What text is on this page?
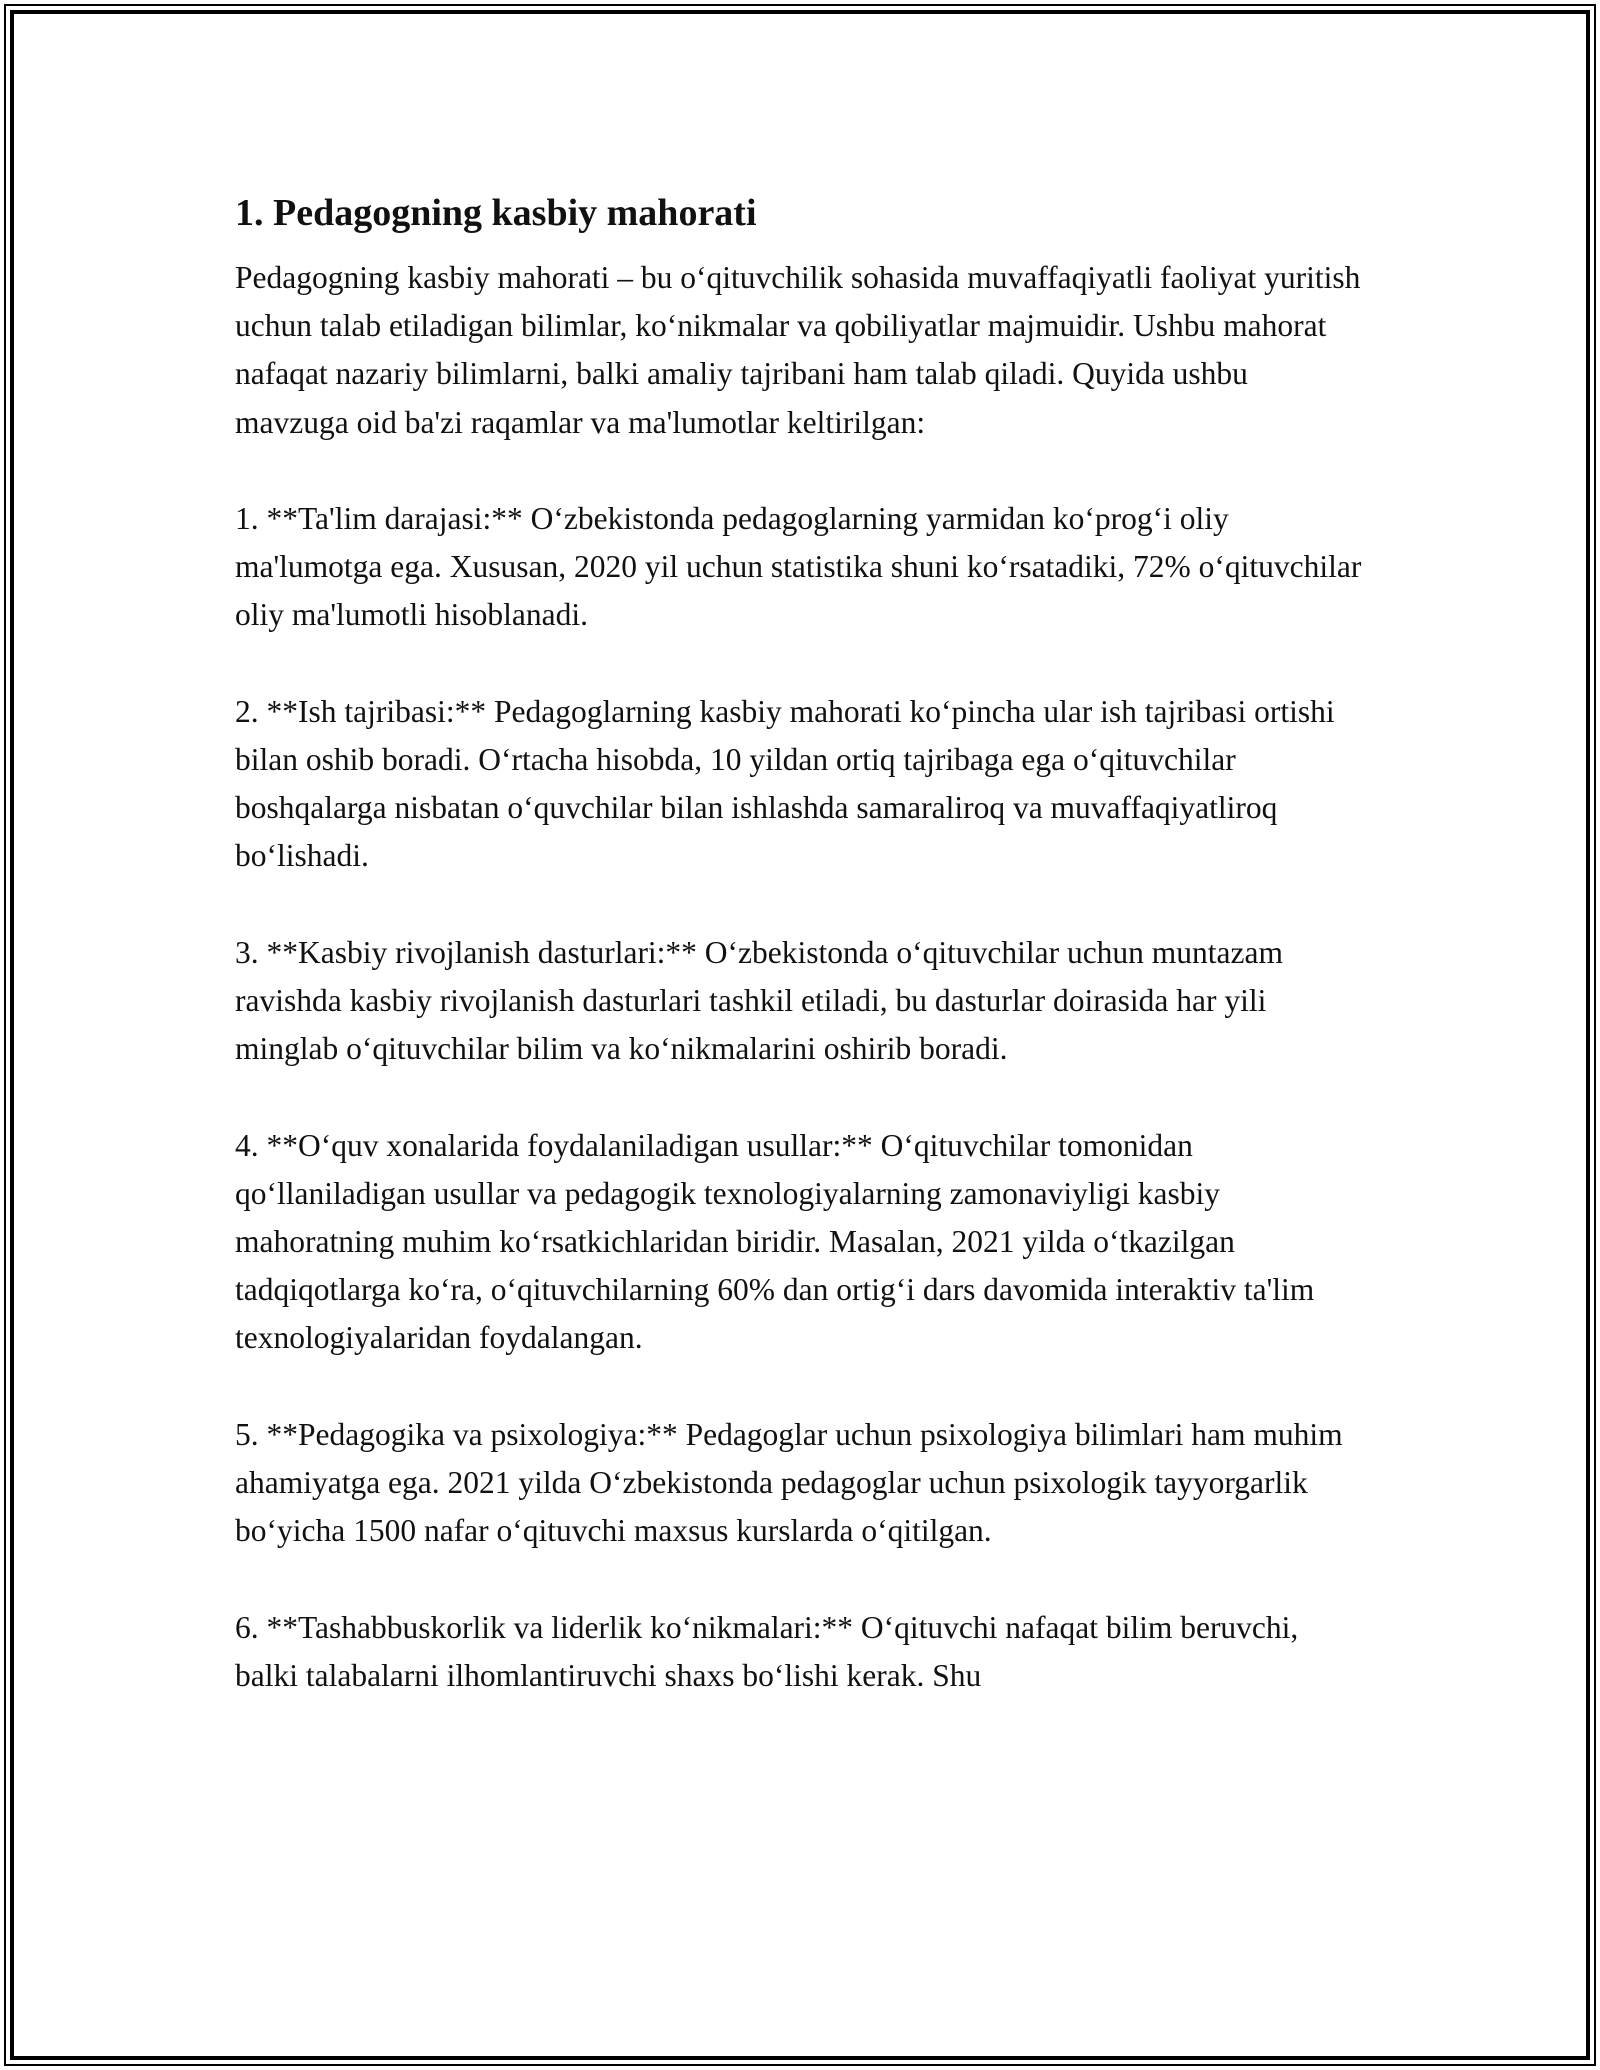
1. Pedagogning kasbiy mahorati

Pedagogning kasbiy mahorati – bu o‘qituvchilik sohasida muvaffaqiyatli faoliyat yuritish uchun talab etiladigan bilimlar, ko‘nikmalar va qobiliyatlar majmuidir. Ushbu mahorat nafaqat nazariy bilimlarni, balki amaliy tajribani ham talab qiladi. Quyida ushbu mavzuga oid ba'zi raqamlar va ma'lumotlar keltirilgan:

1. **Ta'lim darajasi:** O‘zbekistonda pedagoglarning yarmidan ko‘prog‘i oliy ma'lumotga ega. Xususan, 2020 yil uchun statistika shuni ko‘rsatadiki, 72% o‘qituvchilar oliy ma'lumotli hisoblanadi.

2. **Ish tajribasi:** Pedagoglarning kasbiy mahorati ko‘pincha ular ish tajribasi ortishi bilan oshib boradi. O‘rtacha hisobda, 10 yildan ortiq tajribaga ega o‘qituvchilar boshqalarga nisbatan o‘quvchilar bilan ishlashda samaraliroq va muvaffaqiyatliroq bo‘lishadi.

3. **Kasbiy rivojlanish dasturlari:** O‘zbekistonda o‘qituvchilar uchun muntazam ravishda kasbiy rivojlanish dasturlari tashkil etiladi, bu dasturlar doirasida har yili minglab o‘qituvchilar bilim va ko‘nikmalarini oshirib boradi.

4. **O‘quv xonalarida foydalaniladigan usullar:** O‘qituvchilar tomonidan qo‘llaniladigan usullar va pedagogik texnologiyalarning zamonaviyligi kasbiy mahoratning muhim ko‘rsatkichlaridan biridir. Masalan, 2021 yilda o‘tkazilgan tadqiqotlarga ko‘ra, o‘qituvchilarning 60% dan ortig‘i dars davomida interaktiv ta'lim texnologiyalaridan foydalangan.

5. **Pedagogika va psixologiya:** Pedagoglar uchun psixologiya bilimlari ham muhim ahamiyatga ega. 2021 yilda O‘zbekistonda pedagoglar uchun psixologik tayyorgarlik bo‘yicha 1500 nafar o‘qituvchi maxsus kurslarda o‘qitilgan.

6. **Tashabbuskorlik va liderlik ko‘nikmalari:** O‘qituvchi nafaqat bilim beruvchi, balki talabalarni ilhomlantiruvchi shaxs bo‘lishi kerak. Shu
